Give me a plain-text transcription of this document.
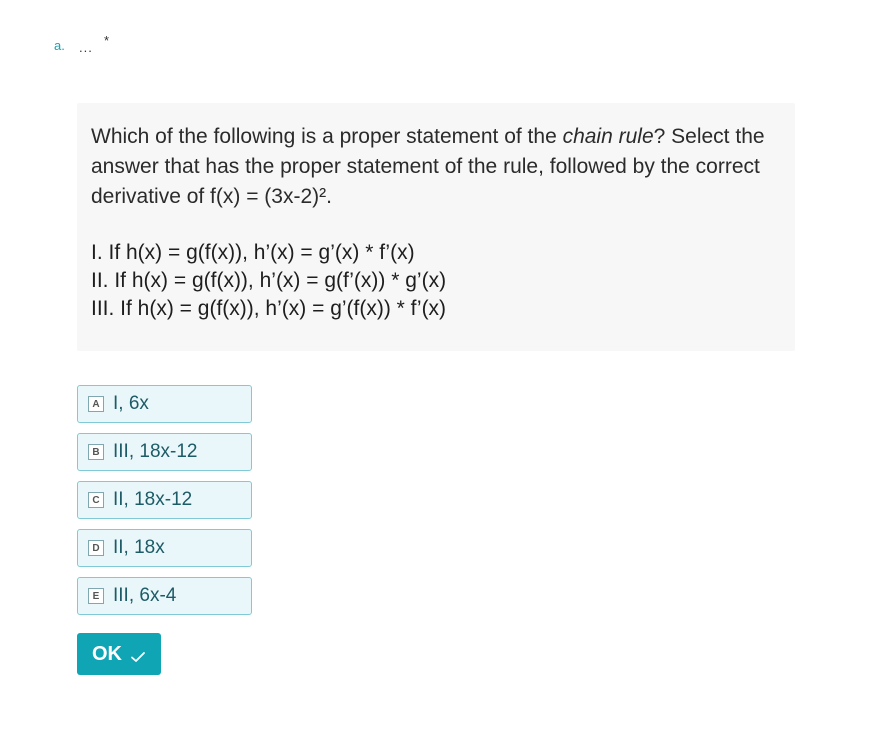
a. ... *
Which of the following is a proper statement of the chain rule? Select the answer that has the proper statement of the rule, followed by the correct derivative of f(x) = (3x-2)².
I. If h(x) = g(f(x)), h’(x) = g’(x) * f’(x)
II. If h(x) = g(f(x)), h’(x) = g(f’(x)) * g’(x)
III. If h(x) = g(f(x)), h’(x) = g’(f(x)) * f’(x)
A I, 6x
B III, 18x-12
C II, 18x-12
D II, 18x
E III, 6x-4
OK
